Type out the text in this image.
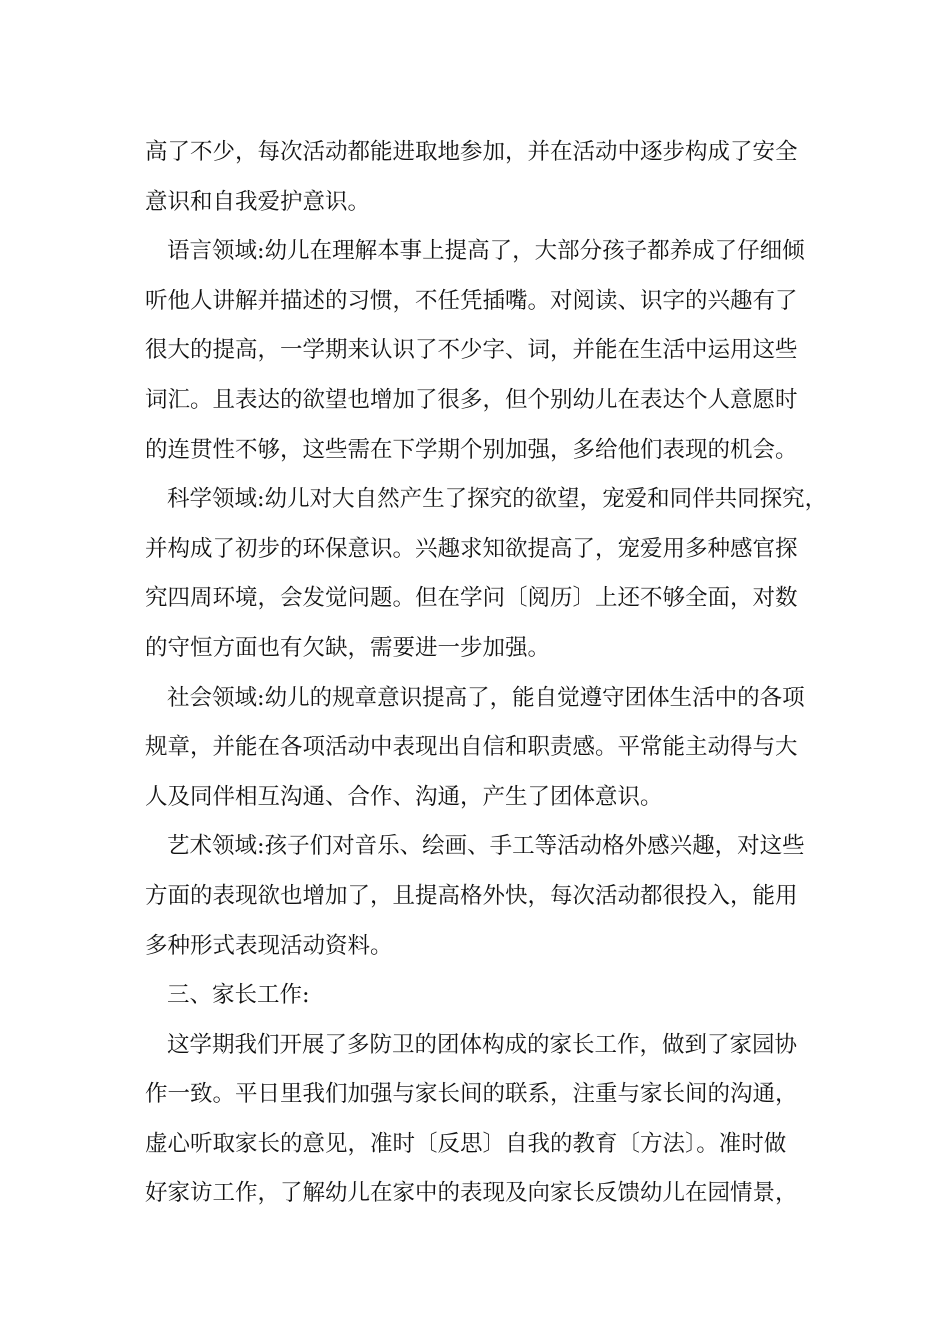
高了不少，每次活动都能进取地参加，并在活动中逐步构成了安全
意识和自我爱护意识。
语言领域:幼儿在理解本事上提高了，大部分孩子都养成了仔细倾
听他人讲解并描述的习惯，不任凭插嘴。对阅读、识字的兴趣有了
很大的提高，一学期来认识了不少字、词，并能在生活中运用这些
词汇。且表达的欲望也增加了很多，但个别幼儿在表达个人意愿时
的连贯性不够，这些需在下学期个别加强，多给他们表现的机会。
科学领域:幼儿对大自然产生了探究的欲望，宠爱和同伴共同探究，
并构成了初步的环保意识。兴趣求知欲提高了，宠爱用多种感官探
究四周环境，会发觉问题。但在学问〔阅历〕上还不够全面，对数
的守恒方面也有欠缺，需要进一步加强。
社会领域:幼儿的规章意识提高了，能自觉遵守团体生活中的各项
规章，并能在各项活动中表现出自信和职责感。平常能主动得与大
人及同伴相互沟通、合作、沟通，产生了团体意识。
艺术领域:孩子们对音乐、绘画、手工等活动格外感兴趣，对这些
方面的表现欲也增加了，且提高格外快，每次活动都很投入，能用
多种形式表现活动资料。
三、家长工作:
这学期我们开展了多防卫的团体构成的家长工作，做到了家园协
作一致。平日里我们加强与家长间的联系，注重与家长间的沟通，
虚心听取家长的意见，准时〔反思〕自我的教育〔方法〕。准时做
好家访工作，了解幼儿在家中的表现及向家长反馈幼儿在园情景，
